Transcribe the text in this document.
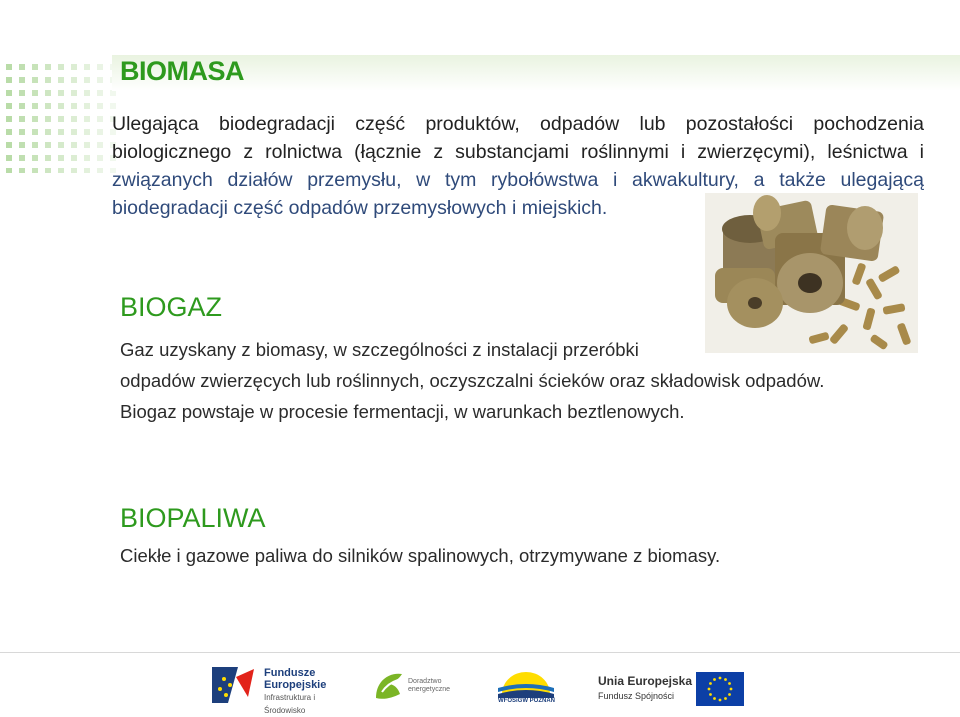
BIOMASA
Ulegająca biodegradacji część produktów, odpadów lub pozostałości pochodzenia
biologicznego z rolnictwa (łącznie z substancjami roślinnymi i zwierzęcymi), leśnictwa i
związanych działów przemysłu, w tym rybołówstwa i akwakultury, a także ulegającą
biodegradacji część odpadów przemysłowych i miejskich.
BIOGAZ
Gaz uzyskany z biomasy, w szczególności z instalacji przeróbki
odpadów zwierzęcych lub roślinnych, oczyszczalni ścieków oraz składowisk odpadów.
Biogaz powstaje w procesie fermentacji, w warunkach beztlenowych.
BIOPALIWA
Ciekłe i gazowe paliwa do silników spalinowych, otrzymywane z biomasy.
Fundusze
Europejskie
Infrastruktura i Środowisko
Doradztwo
energetyczne
WFOŚiGW POZNAŃ
Unia Europejska
Fundusz Spójności
